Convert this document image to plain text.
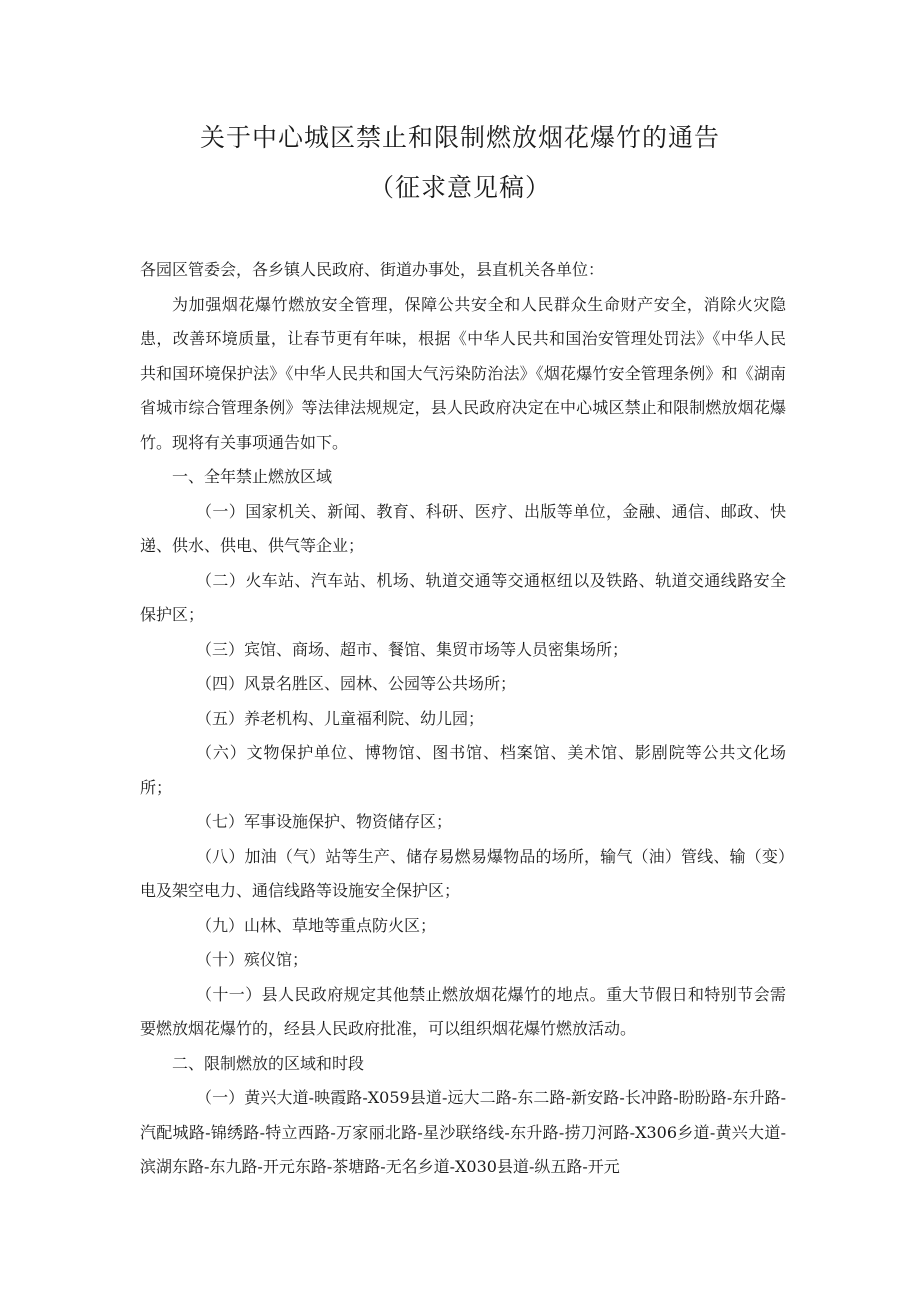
关于中心城区禁止和限制燃放烟花爆竹的通告
（征求意见稿）

各园区管委会，各乡镇人民政府、街道办事处，县直机关各单位：

为加强烟花爆竹燃放安全管理，保障公共安全和人民群众生命财产安全，消除火灾隐患，改善环境质量，让春节更有年味，根据《中华人民共和国治安管理处罚法》《中华人民共和国环境保护法》《中华人民共和国大气污染防治法》《烟花爆竹安全管理条例》和《湖南省城市综合管理条例》等法律法规规定，县人民政府决定在中心城区禁止和限制燃放烟花爆竹。现将有关事项通告如下。

一、全年禁止燃放区域

（一）国家机关、新闻、教育、科研、医疗、出版等单位，金融、通信、邮政、快递、供水、供电、供气等企业；

（二）火车站、汽车站、机场、轨道交通等交通枢纽以及铁路、轨道交通线路安全保护区；

（三）宾馆、商场、超市、餐馆、集贸市场等人员密集场所；

（四）风景名胜区、园林、公园等公共场所；

（五）养老机构、儿童福利院、幼儿园；

（六）文物保护单位、博物馆、图书馆、档案馆、美术馆、影剧院等公共文化场所；

（七）军事设施保护、物资储存区；

（八）加油（气）站等生产、储存易燃易爆物品的场所，输气（油）管线、输（变）电及架空电力、通信线路等设施安全保护区；

（九）山林、草地等重点防火区；

（十）殡仪馆；

（十一）县人民政府规定其他禁止燃放烟花爆竹的地点。重大节假日和特别节会需要燃放烟花爆竹的，经县人民政府批准，可以组织烟花爆竹燃放活动。

二、限制燃放的区域和时段

（一）黄兴大道-映霞路-X059县道-远大二路-东二路-新安路-长冲路-盼盼路-东升路-汽配城路-锦绣路-特立西路-万家丽北路-星沙联络线-东升路-捞刀河路-X306乡道-黄兴大道-滨湖东路-东九路-开元东路-茶塘路-无名乡道-X030县道-纵五路-开元
